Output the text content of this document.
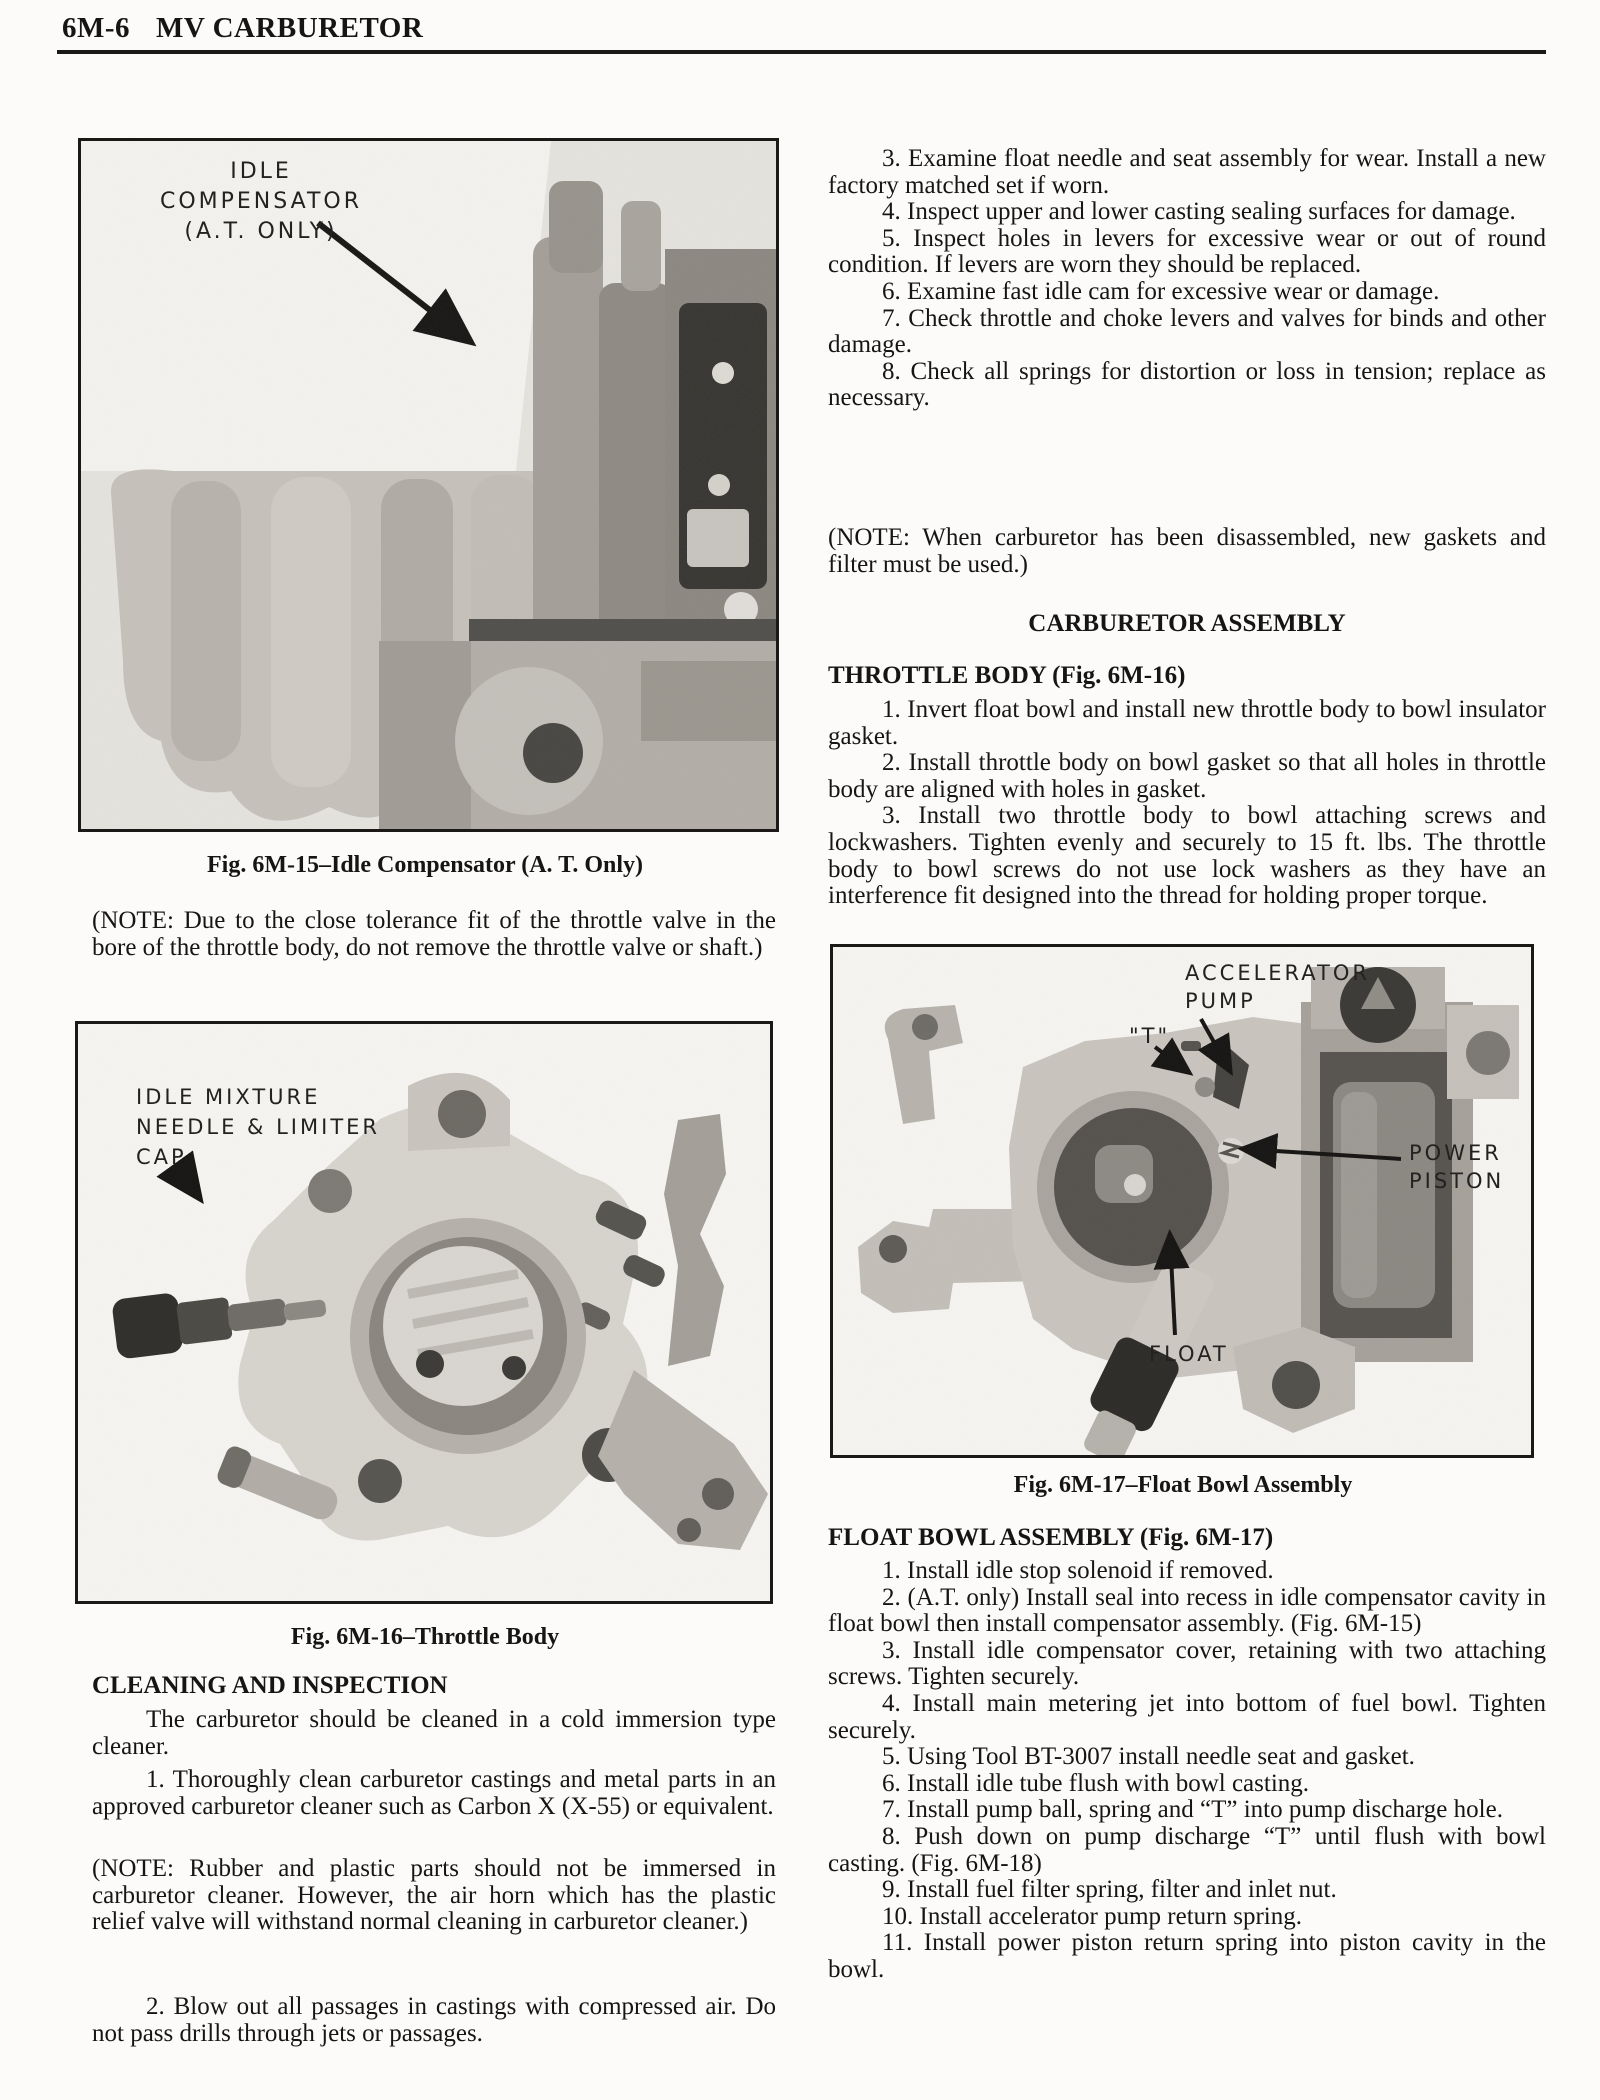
6M-6 MV CARBURETOR
IDLE
COMPENSATOR
(A.T. ONLY)
Fig. 6M-15–Idle Compensator (A. T. Only)

(NOTE: Due to the close tolerance fit of the throttle valve in the bore of the throttle body, do not remove the throttle valve or shaft.)

IDLE MIXTURE
NEEDLE & LIMITER
CAP
Fig. 6M-16–Throttle Body
CLEANING AND INSPECTION

The carburetor should be cleaned in a cold immersion type cleaner.

1. Thoroughly clean carburetor castings and metal parts in an approved carburetor cleaner such as Carbon X (X-55) or equivalent.

(NOTE: Rubber and plastic parts should not be immersed in carburetor cleaner. However, the air horn which has the plastic relief valve will withstand normal cleaning in carburetor cleaner.)

2. Blow out all passages in castings with compressed air. Do not pass drills through jets or passages.

3. Examine float needle and seat assembly for wear. Install a new factory matched set if worn.

4. Inspect upper and lower casting sealing surfaces for damage.

5. Inspect holes in levers for excessive wear or out of round condition. If levers are worn they should be replaced.

6. Examine fast idle cam for excessive wear or damage.

7. Check throttle and choke levers and valves for binds and other damage.

8. Check all springs for distortion or loss in tension; replace as necessary.

(NOTE: When carburetor has been disassembled, new gaskets and filter must be used.)

CARBURETOR ASSEMBLY
THROTTLE BODY (Fig. 6M-16)

1. Invert float bowl and install new throttle body to bowl insulator gasket.

2. Install throttle body on bowl gasket so that all holes in throttle body are aligned with holes in gasket.

3. Install two throttle body to bowl attaching screws and lockwashers. Tighten evenly and securely to 15 ft. lbs. The throttle body to bowl screws do not use lock washers as they have an interference fit designed into the thread for holding proper torque.

ACCELERATOR
PUMP
"T"
POWER
PISTON
FLOAT
Fig. 6M-17–Float Bowl Assembly
FLOAT BOWL ASSEMBLY (Fig. 6M-17)

1. Install idle stop solenoid if removed.

2. (A.T. only) Install seal into recess in idle compensator cavity in float bowl then install compensator assembly. (Fig. 6M-15)

3. Install idle compensator cover, retaining with two attaching screws. Tighten securely.

4. Install main metering jet into bottom of fuel bowl. Tighten securely.

5. Using Tool BT-3007 install needle seat and gasket.

6. Install idle tube flush with bowl casting.

7. Install pump ball, spring and “T” into pump discharge hole.

8. Push down on pump discharge “T” until flush with bowl casting. (Fig. 6M-18)

9. Install fuel filter spring, filter and inlet nut.

10. Install accelerator pump return spring.

11. Install power piston return spring into piston cavity in the bowl.
